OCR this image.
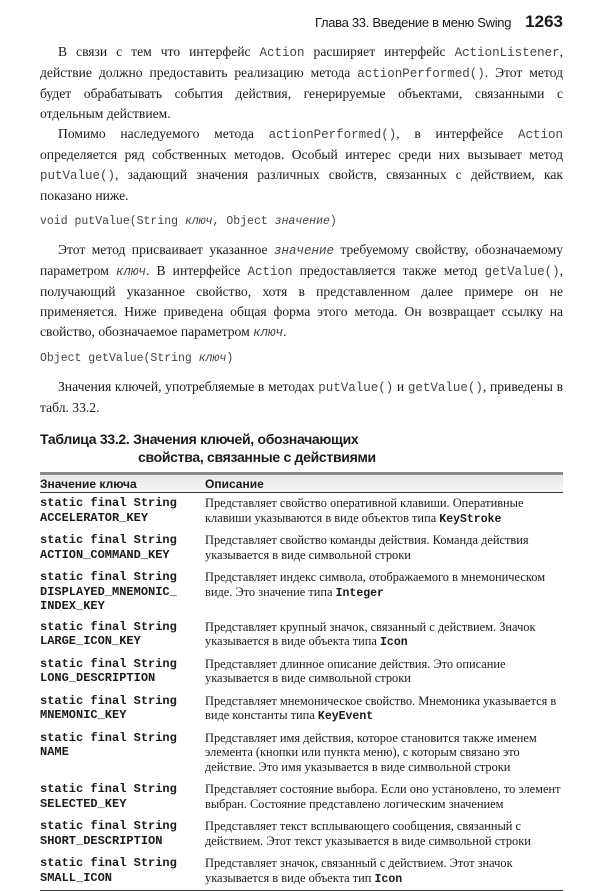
Глава 33. Введение в меню Swing 1263

В связи с тем что интерфейс Action расширяет интерфейс ActionListener, действие должно предоставить реализацию метода actionPerformed(). Этот метод будет обрабатывать события действия, генерируемые объектами, связанными с отдельным действием.

Помимо наследуемого метода actionPerformed(), в интерфейсе Action определяется ряд собственных методов. Особый интерес среди них вызывает метод putValue(), задающий значения различных свойств, связанных с действием, как показано ниже.

void putValue(String ключ, Object значение)

Этот метод присваивает указанное значение требуемому свойству, обозначаемому параметром ключ. В интерфейсе Action предоставляется также метод getValue(), получающий указанное свойство, хотя в представленном далее примере он не применяется. Ниже приведена общая форма этого метода. Он возвращает ссылку на свойство, обозначаемое параметром ключ.

Object getValue(String ключ)

Значения ключей, употребляемые в методах putValue() и getValue(), приведены в табл. 33.2.

Таблица 33.2. Значения ключей, обозначающих
свойства, связанные с действиями
Значение ключа	Описание
static final String
ACCELERATOR_KEY	Представляет свойство оперативной клавиши. Оперативные клавиши указываются в виде объектов типа KeyStroke
static final String
ACTION_COMMAND_KEY	Представляет свойство команды действия. Команда действия указывается в виде символьной строки
static final String
DISPLAYED_MNEMONIC_ INDEX_KEY	Представляет индекс символа, отображаемого в мнемоническом виде. Это значение типа Integer
static final String
LARGE_ICON_KEY	Представляет крупный значок, связанный с действием. Значок указывается в виде объекта типа Icon
static final String
LONG_DESCRIPTION	Представляет длинное описание действия. Это описание указывается в виде символьной строки
static final String
MNEMONIC_KEY	Представляет мнемоническое свойство. Мнемоника указывается в виде константы типа KeyEvent
static final String
NAME	Представляет имя действия, которое становится также именем элемента (кнопки или пункта меню), с которым связано это действие. Это имя указывается в виде символьной строки
static final String
SELECTED_KEY	Представляет состояние выбора. Если оно установлено, то элемент выбран. Состояние представлено логическим значением
static final String
SHORT_DESCRIPTION	Представляет текст всплывающего сообщения, связанный с действием. Этот текст указывается в виде символьной строки
static final String
SMALL_ICON	Представляет значок, связанный с действием. Этот значок указывается в виде объекта тип Icon
